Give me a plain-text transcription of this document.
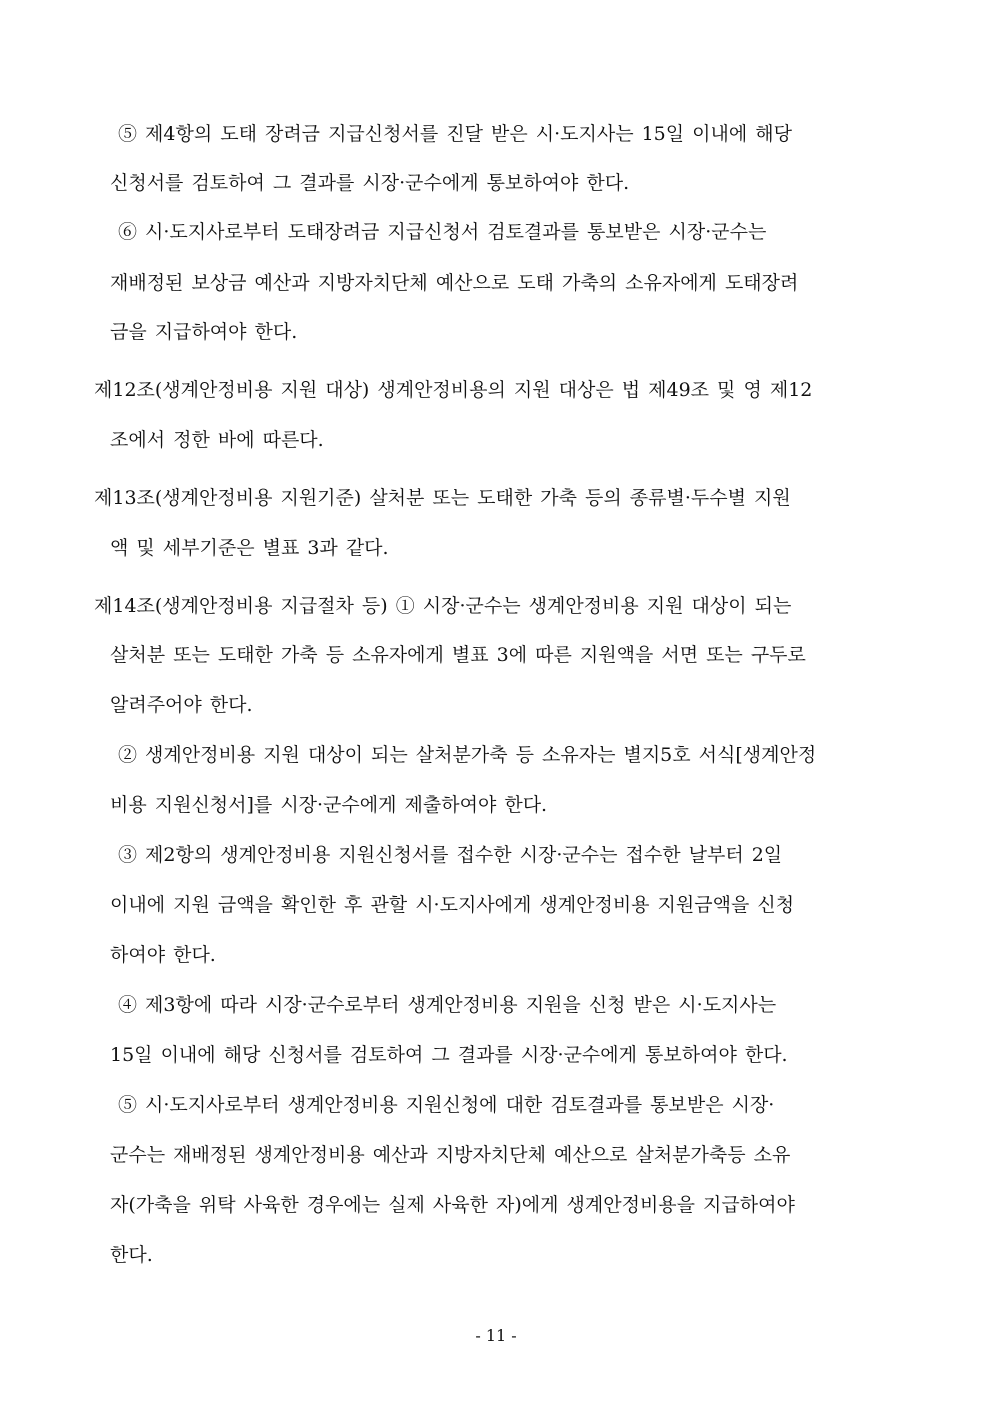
⑤ 제4항의 도태 장려금 지급신청서를 진달 받은 시·도지사는 15일 이내에 해당
신청서를 검토하여 그 결과를 시장·군수에게 통보하여야 한다.
⑥ 시·도지사로부터 도태장려금 지급신청서 검토결과를 통보받은 시장·군수는
재배정된 보상금 예산과 지방자치단체 예산으로 도태 가축의 소유자에게 도태장려
금을 지급하여야 한다.
제12조(생계안정비용 지원 대상) 생계안정비용의 지원 대상은 법 제49조 및 영 제12
조에서 정한 바에 따른다.
제13조(생계안정비용 지원기준) 살처분 또는 도태한 가축 등의 종류별·두수별 지원
액 및 세부기준은 별표 3과 같다.
제14조(생계안정비용 지급절차 등) ① 시장·군수는 생계안정비용 지원 대상이 되는
살처분 또는 도태한 가축 등 소유자에게 별표 3에 따른 지원액을 서면 또는 구두로
알려주어야 한다.
② 생계안정비용 지원 대상이 되는 살처분가축 등 소유자는 별지5호 서식[생계안정
비용 지원신청서]를 시장·군수에게 제출하여야 한다.
③ 제2항의 생계안정비용 지원신청서를 접수한 시장·군수는 접수한 날부터 2일
이내에 지원 금액을 확인한 후 관할 시·도지사에게 생계안정비용 지원금액을 신청
하여야 한다.
④ 제3항에 따라 시장·군수로부터 생계안정비용 지원을 신청 받은 시·도지사는
15일 이내에 해당 신청서를 검토하여 그 결과를 시장·군수에게 통보하여야 한다.
⑤ 시·도지사로부터 생계안정비용 지원신청에 대한 검토결과를 통보받은 시장·
군수는 재배정된 생계안정비용 예산과 지방자치단체 예산으로 살처분가축등 소유
자(가축을 위탁 사육한 경우에는 실제 사육한 자)에게 생계안정비용을 지급하여야
한다.
- 11 -
